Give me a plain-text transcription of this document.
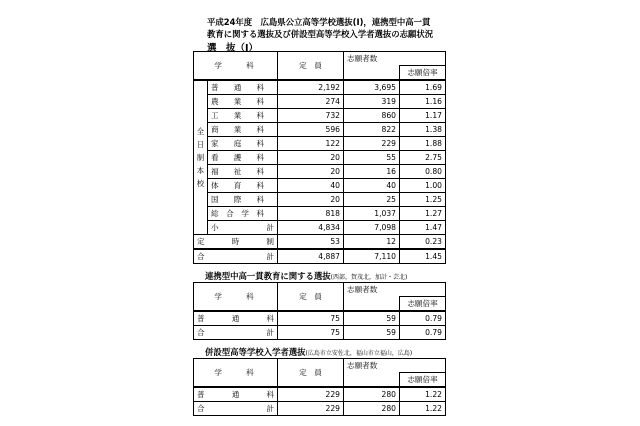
平成24年度　広島県公立高等学校選抜(Ⅰ)，連携型中高一貫
教育に関する選抜及び併設型高等学校入学者選抜の志願状況
選　抜（Ⅰ）
学　　科		定　員	志願者数	
				志願倍率

全
日
制
本
校	普　　通　　科	2,192	3,695	1.69
	農　　業　　科	274	319	1.16
	工　　業　　科	732	860	1.17
	商　　業　　科	596	822	1.38
	家　　庭　　科	122	229	1.88
	看　　護　　科	20	55	2.75
	福　　祉　　科	20	16	0.80
	体　　育　　科	40	40	1.00
	国　　際　　科	20	25	1.25
	総　合　学　科	818	1,037	1.27

	小 計	4,834	7,098	1.47

定 時 制		53	12	0.23

合 計		4,887	7,110	1.45
連携型中高一貫教育に関する選抜(西部，賀茂北，加計・芸北)
学　　科	定　員	志願者数	
			志願倍率

普 通 科	75	59	0.79

合 計	75	59	0.79
併設型高等学校入学者選抜(広島市立安佐北，福山市立福山，広島)
学　　科	定　員	志願者数	
			志願倍率

普 通 科	229	280	1.22

合 計	229	280	1.22
